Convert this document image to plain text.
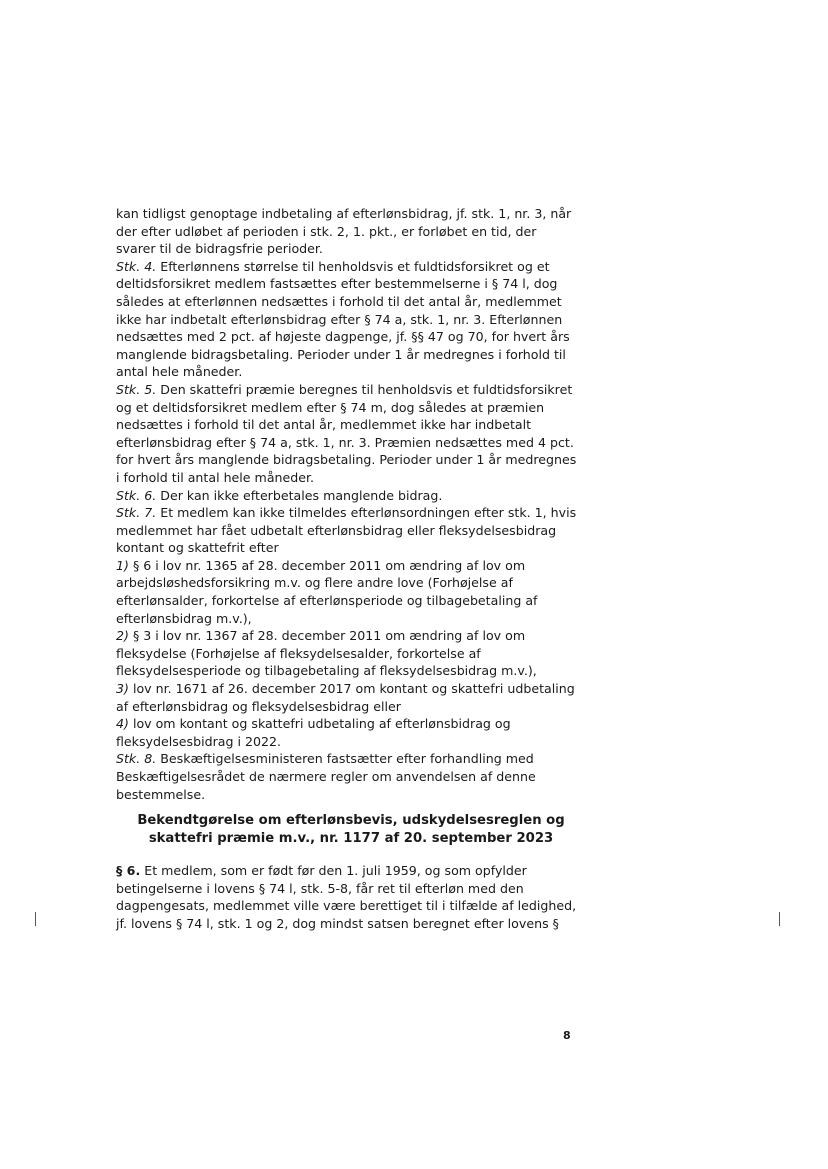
kan tidligst genoptage indbetaling af efterlønsbidrag, jf. stk. 1, nr. 3, når
der efter udløbet af perioden i stk. 2, 1. pkt., er forløbet en tid, der
svarer til de bidragsfrie perioder.
Stk. 4. Efterlønnens størrelse til henholdsvis et fuldtidsforsikret og et
deltidsforsikret medlem fastsættes efter bestemmelserne i § 74 l, dog
således at efterlønnen nedsættes i forhold til det antal år, medlemmet
ikke har indbetalt efterlønsbidrag efter § 74 a, stk. 1, nr. 3. Efterlønnen
nedsættes med 2 pct. af højeste dagpenge, jf. §§ 47 og 70, for hvert års
manglende bidragsbetaling. Perioder under 1 år medregnes i forhold til
antal hele måneder.
Stk. 5. Den skattefri præmie beregnes til henholdsvis et fuldtidsforsikret
og et deltidsforsikret medlem efter § 74 m, dog således at præmien
nedsættes i forhold til det antal år, medlemmet ikke har indbetalt
efterlønsbidrag efter § 74 a, stk. 1, nr. 3. Præmien nedsættes med 4 pct.
for hvert års manglende bidragsbetaling. Perioder under 1 år medregnes
i forhold til antal hele måneder.
Stk. 6. Der kan ikke efterbetales manglende bidrag.
Stk. 7. Et medlem kan ikke tilmeldes efterlønsordningen efter stk. 1, hvis
medlemmet har fået udbetalt efterlønsbidrag eller fleksydelsesbidrag
kontant og skattefrit efter
1) § 6 i lov nr. 1365 af 28. december 2011 om ændring af lov om
arbejdsløshedsforsikring m.v. og flere andre love (Forhøjelse af
efterlønsalder, forkortelse af efterlønsperiode og tilbagebetaling af
efterlønsbidrag m.v.),
2) § 3 i lov nr. 1367 af 28. december 2011 om ændring af lov om
fleksydelse (Forhøjelse af fleksydelsesalder, forkortelse af
fleksydelsesperiode og tilbagebetaling af fleksydelsesbidrag m.v.),
3) lov nr. 1671 af 26. december 2017 om kontant og skattefri udbetaling
af efterlønsbidrag og fleksydelsesbidrag eller
4) lov om kontant og skattefri udbetaling af efterlønsbidrag og
fleksydelsesbidrag i 2022.
Stk. 8. Beskæftigelsesministeren fastsætter efter forhandling med
Beskæftigelsesrådet de nærmere regler om anvendelsen af denne
bestemmelse.
Bekendtgørelse om efterlønsbevis, udskydelsesreglen og
skattefri præmie m.v., nr. 1177 af 20. september 2023
§ 6. Et medlem, som er født før den 1. juli 1959, og som opfylder
betingelserne i lovens § 74 l, stk. 5-8, får ret til efterløn med den
dagpengesats, medlemmet ville være berettiget til i tilfælde af ledighed,
jf. lovens § 74 l, stk. 1 og 2, dog mindst satsen beregnet efter lovens §
8
